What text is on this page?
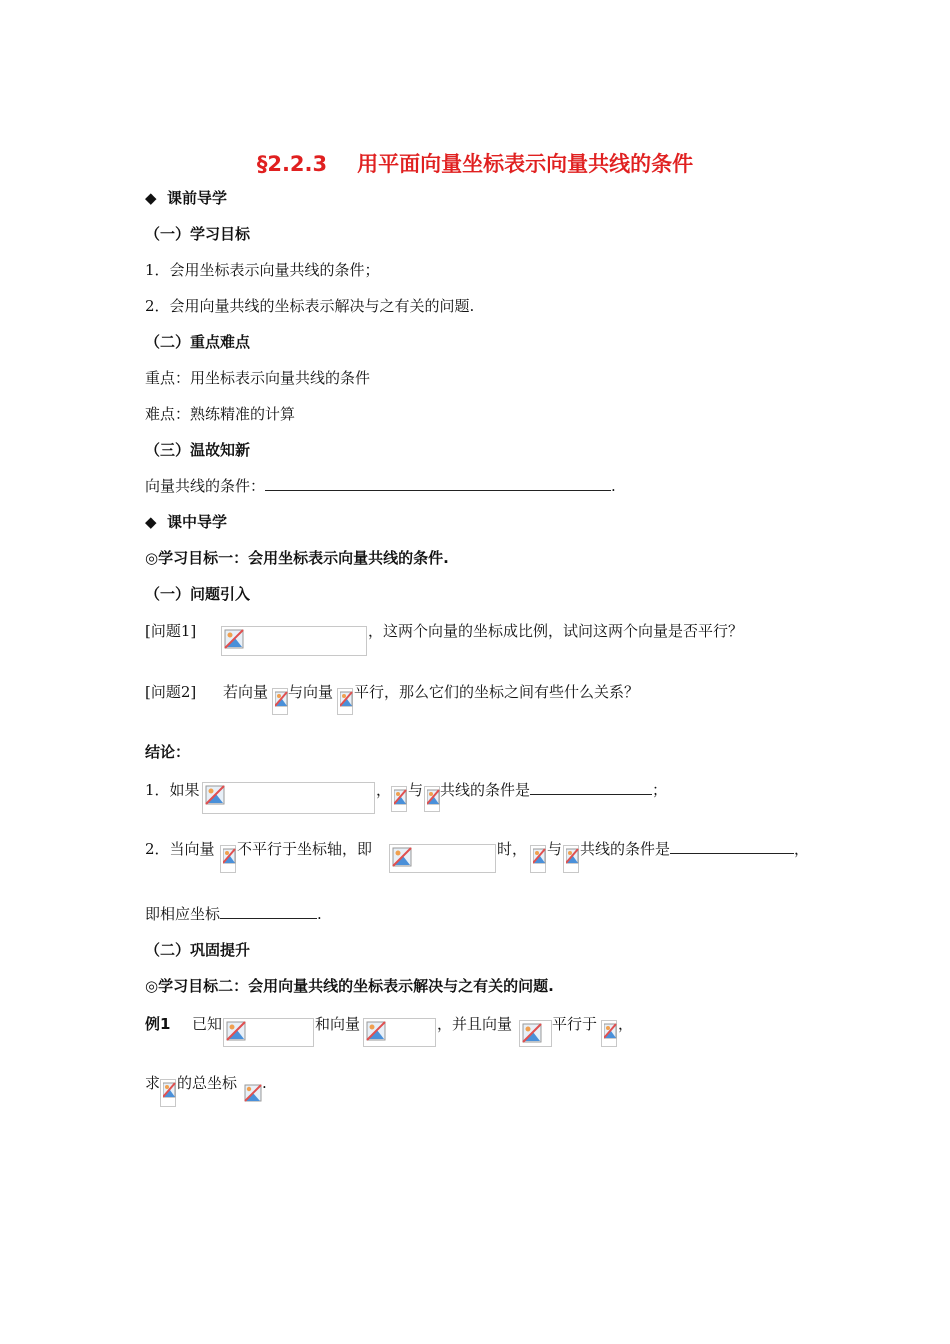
§2.2.3 用平面向量坐标表示向量共线的条件
◆ 课前导学
（一）学习目标
1．会用坐标表示向量共线的条件；
2．会用向量共线的坐标表示解决与之有关的问题.
（二）重点难点
重点：用坐标表示向量共线的条件
难点：熟练精准的计算
（三）温故知新
向量共线的条件：	.
◆ 课中导学
◎学习目标一：会用坐标表示向量共线的条件.
（一）问题引入
[问题1]	，这两个向量的坐标成比例，试问这两个向量是否平行？
[问题2] 若向量 与向量 平行，那么它们的坐标之间有些什么关系？
结论：
1．如果	， 与 共线的条件是	；
2．当向量 不平行于坐标轴，即	时， 与 共线的条件是	，
即相应坐标	.
（二）巩固提升
◎学习目标二：会用向量共线的坐标表示解决与之有关的问题.
例1 已知	和向量	，并且向量	平行于 ，
求 的总坐标 .
